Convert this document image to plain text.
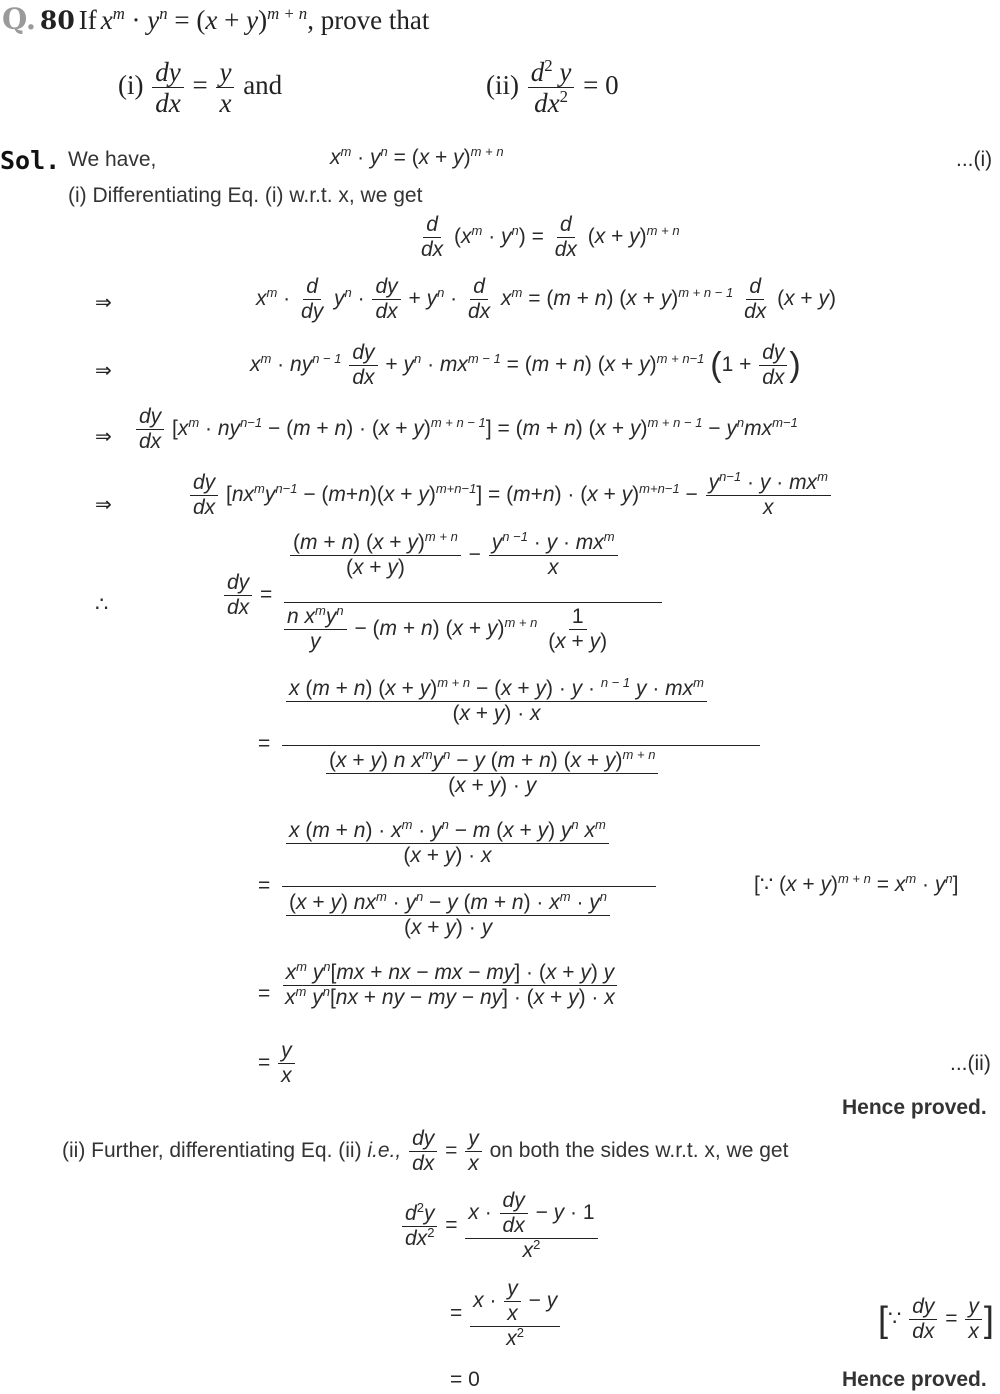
Q. 80 If $x^m \cdot y^n = (x + y)^{m + n}$, prove that
$(i) \frac{dy}{dx} = \frac{y}{x}$ and	$(ii) \frac{d^2 y}{dx^2} = 0$
Sol. We have,	$x^m \cdot y^n = (x + y)^{m + n}$	...(i)
(i) Differentiating Eq. (i) w.r.t. x, we get
$\frac{d}{dx} (x^m \cdot y^n) = \frac{d}{dx} (x + y)^{m + n}$
⇒	$x^m \cdot \frac{d}{dy} y^n \cdot \frac{dy}{dx} + y^n \cdot \frac{d}{dx} x^m = (m + n) (x + y)^{m + n - 1} \frac{d}{dx} (x + y)$
⇒	$x^m \cdot ny^{n - 1} \frac{dy}{dx} + y^n \cdot mx^{m - 1} = (m + n) (x + y)^{m + n-1}$ ($1 + \frac{dy}{dx}$ )
⇒ $\frac{dy}{dx} [x^m \cdot ny^{n-1} - (m + n) \cdot (x + y)^{m + n - 1}] = (m + n) (x + y)^{m + n - 1} - y^nmx^{m-1}$
⇒	$\frac{dy}{dx} [nx^my^{n-1} - (m+n)(x + y)^{m+n-1}] = (m+n) \cdot (x + y)^{m+n-1} - \frac{y^{n-1} \cdot y \cdot mx^m}{x}$
∴	$\frac{dy}{dx}$ =
$\frac{(m + n) (x + y)^{m + n}}{(x + y)} - \frac{y^{n -1} \cdot y \cdot mx^m}{x}$
$\frac{n x^my^n}{y} - (m + n) (x + y)^{m + n} \frac{1}{(x + y)}$
=
$\frac{x (m + n) (x + y)^{m + n} - (x + y) \cdot y \cdot ^{n - 1} y \cdot mx^m}{(x + y) \cdot x}$
$\frac{(x + y) n x^my^n - y (m + n) (x + y)^{m + n}}{(x + y) \cdot y}$
=
$\frac{x (m + n) \cdot x^m \cdot y^n - m (x + y) y^n x^m}{(x + y) \cdot x}$
$\frac{(x + y) nx^m \cdot y^n - y (m + n) \cdot x^m \cdot y^n}{(x + y) \cdot y}$
[∵ $(x + y)^{m + n} = x^m \cdot y^n$]
= $\frac{x^m y^n[mx + nx - mx - my] \cdot (x + y) y}{x^m y^n[nx + ny - my - ny] \cdot (x + y) \cdot x}$
= $\frac{y}{x}$	...(ii)
Hence proved.
(ii) Further, differentiating Eq. (ii) i.e., $\frac{dy}{dx} = \frac{y}{x}$ on both the sides w.r.t. x, we get
$\frac{d^2y}{dx^2} = \frac{x \cdot \frac{dy}{dx} - y \cdot 1}{x^2}$
= $\frac{x \cdot \frac{y}{x} - y}{x^2}$	[∵ $\frac{dy}{dx} = \frac{y}{x}$ ]
= 0	Hence proved.
